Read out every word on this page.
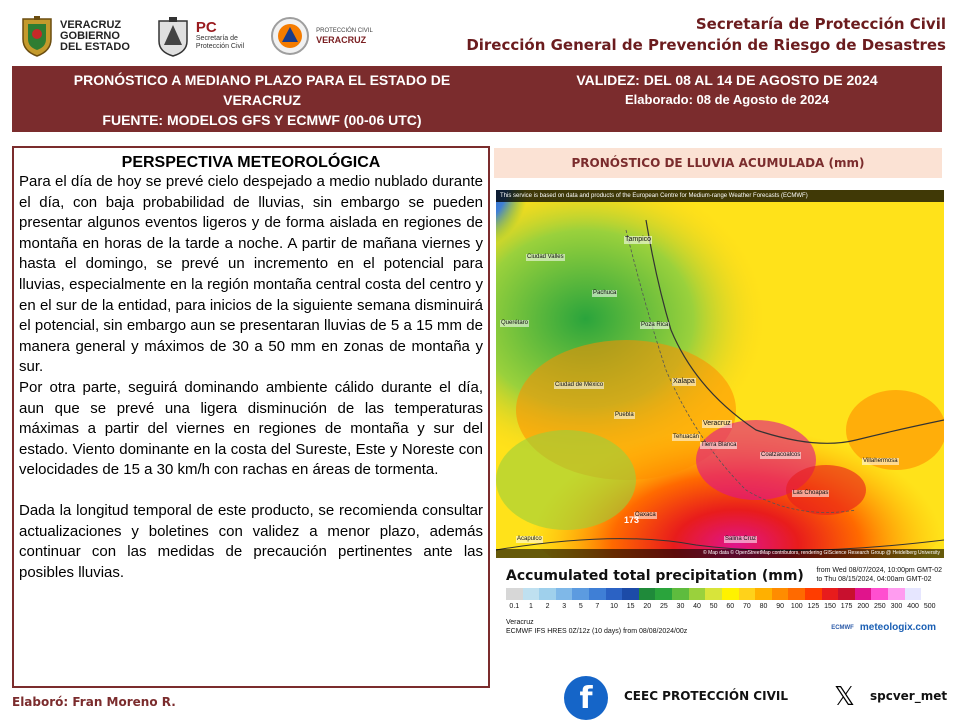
VERACRUZ
GOBIERNO
DEL ESTADO
PC
Secretaría de
Protección Civil
PROTECCIÓN CIVIL
VERACRUZ
Secretaría de Protección Civil
Dirección General de Prevención de Riesgo de Desastres
PRONÓSTICO A MEDIANO PLAZO PARA EL ESTADO DE
VERACRUZ
FUENTE: MODELOS GFS Y ECMWF (00-06 UTC)
VALIDEZ: DEL 08 AL 14 DE AGOSTO DE 2024
Elaborado: 08 de Agosto de 2024
PERSPECTIVA METEOROLÓGICA

Para el día de hoy se prevé cielo despejado a medio nublado durante el día, con baja probabilidad de lluvias, sin embargo se pueden presentar algunos eventos ligeros y de forma aislada en regiones de montaña en horas de la tarde a noche. A partir de mañana viernes y hasta el domingo, se prevé un incremento en el potencial para lluvias, especialmente en la región montaña central costa del centro y en el sur de la entidad, para inicios de la siguiente semana disminuirá el potencial, sin embargo aun se presentaran lluvias de 5 a 15 mm de manera general y máximos de 30 a 50 mm en zonas de montaña y sur.

Por otra parte, seguirá dominando ambiente cálido durante el día, aun que se prevé una ligera disminución de las temperaturas máximas a partir del viernes en regiones de montaña y sur del estado. Viento dominante en la costa del Sureste, Este y Noreste con velocidades de 15 a 30 km/h con rachas en áreas de tormenta.

Dada la longitud temporal de este producto, se recomienda consultar actualizaciones y boletines con validez a menor plazo, además continuar con las medidas de precaución pertinentes ante las posibles lluvias.

PRONÓSTICO DE LLUVIA ACUMULADA (mm)
This service is based on data and products of the European Centre for Medium-range Weather Forecasts (ECMWF)
Tampico
Pachuca
Xalapa
Veracruz
Puebla
Oaxaca
Coatzacoalcos
Tehuacán
Tierra Blanca
Villahermosa
Ciudad Valles
Querétaro	Poza Rica
Acapulco
Ciudad de México
Las Choapas
Salina Cruz
173
© Map data © OpenStreetMap contributors, rendering GIScience Research Group @ Heidelberg University
Accumulated total precipitation (mm) from Wed 08/07/2024, 10:00pm GMT-02
to Thu 08/15/2024, 04:00am GMT-02
0.1 1 2 3 5 7 10 15 20 25 30 40 50 60 70 80 90 100 125 150 175 200 250 300 400 500
Veracruz
ECMWF IFS HRES 0Z/12z (10 days) from 08/08/2024/00z
ECMWF meteologix.com
Elaboró: Fran Moreno R.	f	CEEC PROTECCIÓN CIVIL 𝕏	spcver_met
